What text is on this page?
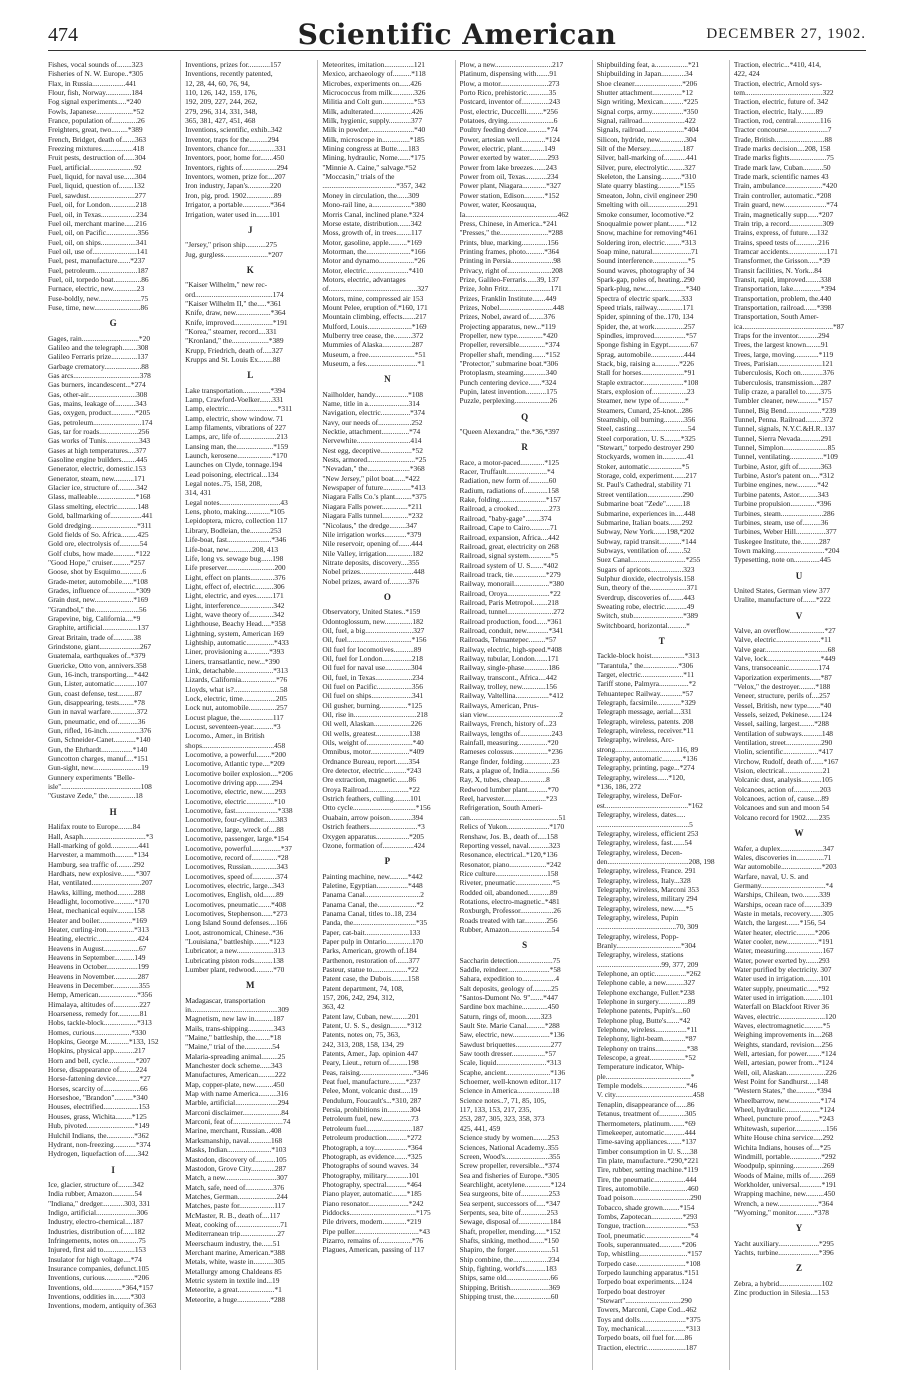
474	Scientific American	DECEMBER 27, 1902.
Fishes, vocal sounds of........323
Fisheries of N. W. Europe..*305
Flax, in Russia..................441
Flour, fish, Norway..............184
Fog signal experiments.....*240
Fowls, Japanese....................*52
France, population of..............26
Freighters, great, two.........*389
French, Bridget, death of.......363
Freezing mixtures.................418
Fruit pests, destruction of......304
Fuel, artificial........................92
Fuel, liquid, for naval use......304
Fuel, liquid, question of........132
Fuel, sawdust.........................277
Fuel, oil, for London..............218
Fuel, oil, in Texas...................234
Fuel oil, merchant marine......216
Fuel, oil, on Pacific.................356
Fuel, oil, on ships...................341
Fuel oil, use of........................141
Fuel, pest, manufacture.......*237
Fuel, petroleum.......................187
Fuel, oil, torpedo boat...............86
Furnace, electric, new.............23
Fuse-boldly, new.......................75
Fuse, time, new.........................86
G
Gages, rain...............................*20
Galileo and the telegraph........308
Galileo Ferraris prize..............137
Garbage crematory....................88
Gas arcs....................................378
Gas burners, incandescent...*274
Gas, other-air..........................308
Gas, mains, leakage of...........343
Gas, oxygen, product.............*205
Gas, petroleum..........................174
Gas, tar for roads.....................256
Gas works of Tunis..................343
Gases at high temperatures....377
Gasoline engine builders........445
Generator, electric, domestic.153
Generator, steam, new...........171
Glacier ice, structure of..........342
Glass, malleable.....................*168
Glass smelting, electric...........148
Gold, ballmarking of.................441
Gold dredging.........................*311
Gold fields of So. Africa.........425
Gold ore, electrolysis of...........54
Golf clubs, how made............*122
"Good Hope," cruiser..........*257
Goose, shot by Esquimo............6
Grade-meter, automobile......*108
Grades, influence of...............*309
Grain dust, new.....................*169
"Grandbol," the........................56
Grapevine, big, California....*9
Graphite, artificial...................137
Great Britain, trade of...........38
Grindstone, giant......................267
Guatemala, earthquakes of..*379
Guericke, Otto von, annivers.358
Gun, 16-inch, transporting....*442
Gun, Lister, automatic............107
Gun, coast defense, test.........87
Gun, disappearing, tests........*78
Gun in naval warfare..............372
Gun, pneumatic, end of...........36
Gun, rifled, 16-inch..................376
Gun, Schneider-Canet............*140
Gun, the Ehrhardt.................*140
Guncotton charges, manuf....*151
Gun-sight, new..........................19
Gunnery experiments "Belle-
isle"...........................................108
"Gustave Zede," the...............18
H
Halifax route to Europe........84
Hall, Asaph..................................*3
Hall-marking of gold...............441
Harvester, a mammoth..........*134
Hamburg, sea traffic of.........292
Hardhats, new explosive........*307
Hat, ventilated...........................207
Hawks, killing, method.........288
Headlight, locomotive...........*170
Heat, mechanical equiv.........158
Heater and boiler..................*169
Heater, curling-iron...............*313
Heating, electric......................424
Heavens in August...................67
Heavens in September...........149
Heavens in October.................199
Heavens in November.............287
Heavens in December..............355
Hemp, American.....................*356
Himalaya, altitudes of..............227
Hoarseness, remedy for............81
Hobs, tackle-block..................*313
Homes, curious....................*330
Hopkins, George M............*133, 152
Hopkins, physical app...........217
Horn and bell, cycle...............*207
Horse, disappearance of.........224
Horse-fattening device.............*27
Horses, scarcity of....................66
Horseshoe, "Brandon"..........*340
Houses, electrified...................153
Houses, grass, Wichita.........*125
Hub, pivoted..........................*149
Hulchil Indians, the...............*362
Hydrant, non-freezing............*374
Hydrogen, liquefaction of.......342
I
Ice, glacier, structure of........342
India rubber, Amazon............54
"Indiana," dredger............303, 331
Indigo, artificial......................306
Industry, electro-chemical....187
Industries, distribution of......182
Infringements, notes on...........75
Injured, first aid to.................153
Insulator for high voltage....*74
Insurance companies, defunct.105
Inventions, curious................*206
Inventions, old................*364,*157
Inventions, oddities in.........*303
Inventions, modern, antiquity of.363
Inventions, prizes for............157
Inventions, recently patented,
12, 28, 44, 60, 76, 94,
110, 126, 142, 159, 176,
192, 209, 227, 244, 262,
279, 296, 314, 331, 348,
365, 381, 427, 451, 468
Inventions, scientific, exhib..342
Inventor, traps for the..........294
Inventors, chance for...............331
Inventors, poor, home for.......450
Inventors, rights of...................294
Inventors, women, prize for....207
Iron industry, Japan's............220
Iron, pig, prod. 1902...............89
Irrigator, a portable...............*364
Irrigation, water used in.......101
J
"Jersey," prison ship...........275
Jug, gurgless........................*207
K
"Kaiser Wilhelm," new rec-
ord..........................................174
"Kaiser Wilhelm II," the.....*361
Knife, draw, new...................*364
Knife, improved.....................*191
"Korea," steamer, record....331
"Kronland," the....................*389
Krupp, Friedrich, death of.....327
Krupps and St. Louis Ex........88
L
Lake transportation...............*394
Lamp, Crawford-Voelker.......331
Lamp, electric...........................*311
Lamp, electric, show window. 71
Lamp filaments, vibrations of 227
Lamps, arc, life of....................213
Lansing man, the....................*159
Launch, kerosene...................*170
Launches on Clyde, tonnage.194
Lead poisoning, electrical...134
Legal notes..75, 158, 208,
314, 431
Legal notes.................................43
Lens, photo, making.............*105
Lepidoptera, micro, collection 117
Library, Bodleian, the...........253
Life-boat, fast........................*346
Life-boat, new.............208, 413
Life, long vs. sewage bug......198
Life preserver..........................200
Light, effect on plants.............376
Light, effect of, electric..........306
Light, electric, and eyes.........171
Light, interference..................342
Light, wave theory of.............342
Lighthouse, Beachy Head.....*358
Lightning, system, American 169
Lightship, automatic...............*433
Liner, provisioning a............*393
Liners, transatlantic, new...*390
Link, detachable.....................*313
Lizards, California...................*76
Lloyds, what is?.........................58
Lock, electric, time..................205
Lock nut, automobile...............257
Locust plague, the..................117
Locust, seventeen-year...........*3
Locomo., Amer., in British
shops.......................................458
Locomotive, a powerful........*200
Locomotive, Atlantic type....*209
Locomotive boiler explosion....*206
Locomotive driving app........294
Locomotive, electric, new.......293
Locomotive, electric...............*10
Locomotive, fast.......................*338
Locomotive, four-cylinder.......383
Locomotive, large, wreck of....88
Locomotive, passenger, large.*154
Locomotive, powerful................*37
Locomotive, record of..............*28
Locomotives, Russian..............343
Locomotives, speed of.............374
Locomotives, electric, large...343
Locomotives, English, old.......89
Locomotives, pneumatic.......*408
Locomotives, Stephenson......*273
Long Island Sound defenses....166
Loot, astronomical, Chinese..*36
"Louisiana," battleship.........*123
Lubricator, a new....................313
Lubricating piston rods..........138
Lumber plant, redwood..........*70
M
Madagascar, transportation
in...............................................309
Magnetism, new law in..........187
Mails, trans-shipping..............343
"Maine," battleship, the........*18
"Maine," trial of the...............54
Malaria-spreading animal.........25
Manchester dock scheme......343
Manufactures, American.........222
Map, copper-plate, new..........450
Map with name America..........316
Marble, artificial.......................294
Marconi disclaimer.....................84
Marconi, feat of...........................74
Marine, merchant, Russian...408
Marksmanship, naval............168
Masks, Indian........................*103
Mastodon, discovery of...........105
Mastodon, Grove City.............287
Match, a new............................307
Match, safe, need of...............376
Matches, German.....................244
Matches, paste for...................117
McMaster, R. B., death of....117
Meat, cooking of........................71
Mediterranean trip....................27
Meerschaum industry, the......51
Merchant marine, American.*388
Metals, white, waste in...........305
Metallurgy among Chaldeans 85
Metric system in textile ind...19
Meteorite, a great....................*1
Meteorite, a huge..................*288
Meteorites, imitation................121
Mexico, archaeology of..........*118
Microbes, experiments on......426
Micrococcus from milk............326
Militia and Colt gun.................*53
Milk, adulterated.....................426
Milk, hygienic, supply............377
Milk in powder.........................*40
Milk, microscope in...............*185
Mining congress at Butte......183
Mining, hydraulic, Nome.......*175
"Minnie A. Caine," salvage.*52
"Moccasin," trials of the
........................................*357, 342
Money in circulation, the......309
Mono-rail line, a.....................*380
Morris Canal, inclined plane.*324
Morse estate, distribution.......342
Moss, growth of, in trees........117
Motor, gasoline, apple..........*169
Motorman, the........................*166
Motor and dynamo...................*26
Motor, electric.......................*410
Motors, electric, advantages
of................................................327
Motors, mine, compressed air 153
Mount Pelee, eruption of.*160, 171
Mountain climbing, effects.......217
Mulford, Louis........................*169
Mulberry tree cease, the..........372
Mummies of Alaska................287
Museum, a free.........................*51
Museum, a fes............................*1
N
Nailholder, handy..................*108
Name, title in a......................314
Navigation, electric................*374
Navy, our needs of..................252
Necktie, attachment...............*74
Nervewhite.............................414
Nest egg, deceptive.................*52
Nests, armored..........................*25
"Nevadan," the.......................*368
"New Jersey," pilot boat......*422
Newspaper of future...............*413
Niagara Falls Co.'s plant.........*375
Niagara Falls power..............*211
Niagara Falls tunnel..............*232
"Nicolaus," the dredge.........347
Nile irrigation works............*379
Nile reservoir, opening of.......444
Nile Valley, irrigation..............182
Nitrate deposits, discovery....355
Nobel prizes.............................448
Nobel prizes, award of..........376
O
Observatory, United States..*159
Odontoglossum, new...............182
Oil, fuel, a big..........................327
Oil, fuel...................................*156
Oil fuel for locomotives...........89
Oil, fuel for London................218
Oil fuel for naval use..............304
Oil, fuel, in Texas....................234
Oil fuel on Pacific...................356
Oil fuel on ships......................341
Oil gusher, burning...............*125
Oil, rise in..................................218
Oil well, Alaskan....................226
Oil wells, greatest..................138
Oils, weight of.........................*40
Omnibus, motor.....................*409
Ordnance Bureau, report.......354
Ore detector, electric............*243
Ore extraction, magnetic.......86
Oroya Railroad......................*22
Ostrich feathers, culling.........101
Otto cycle..................................*156
Ouabain, arrow poison............394
Ostrich feathers..........................*3
Oxygen apparatus..................*205
Ozone, formation of.................424
P
Painting machine, new..........*442
Paletine, Egyptian.................*448
Panama Canal..............................2
Panama Canal, the.....................*2
Panama Canal, titles to..18, 234
Panda, the..................................*35
Paper, cat-bait........................133
Paper pulp in Ontario..............170
Parks, American, growth of.184
Parthenon, restoration of.......377
Pasteur, statue to...................*22
Patent case, the Dubois.........158
Patent department, 74, 108,
157, 206, 242, 294, 312,
363, 42
Patent law, Cuban, new.........201
Patent, U. S. S., design.........*312
Patents, notes on, 75, 363,
242, 313, 208, 158, 134, 29
Patents, Amer., Jap. opinion 447
Peary, Lieut., return of..........198
Peas, raising.............................*346
Peat fuel, manufacture.........*237
Pelee, Mont, volcanic dust.....19
Pendulum, Foucault's...*310, 287
Persia, prohibitions in............304
Petroleum fuel, new................73
Petroleum fuel.........................187
Petroleum production...........*272
Photograph, a toy..................*364
Photograph, as evidence.......*325
Photographs of sound waves. 34
Photography, military............101
Photography, spectral...........*464
Piano player, automatic........*185
Piano resonator......................*242
Piddocks....................................*175
Pile drivers, modern.............*219
Pipe puller...................................*43
Pizarro, remains of..................*76
Plagues, American, passing of 117
Plow, a new...............................217
Platinum, dispensing with.......91
Plow, a motor..........................273
Porto Rico, prehistoric............35
Postcard, inventor of...............243
Post, electric, Duccelli.........*256
Potatoes, drying.........................6
Poultry feeding device...........*74
Power, artesian well..............*124
Power, electric, plant............149
Power exerted by water..........293
Power from lake breezes.......243
Power from oil, Texas............234
Power plant, Niagara.............*327
Power station, Edison...........*152
Power, water, Keosauqua,
Ia..................................................462
Press, Chinese, in America..*241
"Presses," the..........................*288
Prints, blue, marking..............156
Printing frames, photo..........*364
Printing in Persia.......................98
Privacy, right of........................208
Prize, Galileo-Ferraris......39, 137
Prize, John Fritz.......................171
Prizes, Franklin Institute.......449
Prizes, Nobel.............................448
Prizes, Nobel, award of........376
Projecting apparatus, new...*119
Propeller, new type..............*420
Propeller, reversible..............*374
Propeller shaft, mending.......*152
"Protector," submarine boat.*306
Protoplasm, steaming............340
Punch centering device.......*324
Pupin, latest invention...........175
Puzzle, perplexing...................26
Q
"Queen Alexandra," the.*36,*397
R
Race, a motor-paced.............*125
Racer, Truffault......................*4
Radiation, new form of...........60
Radium, radiations of.............158
Rake, folding.........................*157
Railroad, a crooked.................273
Railroad, "baby-gage"........374
Railroad, Cape to Cairo...........71
Railroad, expansion, Africa....442
Railroad, great, electricity on 268
Railroad, signal system............*5
Railroad system of U. S.......*402
Railroad track, tie..................*279
Railway, monorail...................*380
Railroad, Oroya.......................*22
Railroad, Paris Metropol........218
Railroad, tunnel.........................272
Railroad production, food......*361
Railroad, conduit, new............*341
Railroads, Tehuantepec.........*57
Railway, electric, high-speed.*408
Railway, tubular, London.......171
Railway, single-phase.............186
Railway, transcont., Africa....442
Railway, trolley, new.............156
Railway, Valtellina..................*412
Railways, American, Prus-
sian view.......................................2
Railways, French, history of...23
Railways, lengths of.................243
Rainfall, measuring................*20
Rameses colossus...................*236
Range finder, folding................23
Rats, a plague of, India.............56
Ray, X, tubes, cheap..............8
Redwood lumber plant...........*70
Reel, harvester.......................*23
Refrigeration, South Ameri-
can................................................51
Relics of Yukon.......................*170
Renshaw, Jos. B., death of.....158
Reporting vessel, naval...........323
Resonance, electrical..*120,*136
Resonator, piano....................*242
Rice culture............................158
Riveter, pneumatic....................*5
Rodded oil, abandoned............89
Rotations, electro-magnetic..*481
Roxburgh, Professor..................26
Roads treated with tar............256
Rubber, Amazon.......................54
S
Saccharin detection...................75
Saddle, reindeer.......................*58
Sahara, expedition to..................4
Salt deposits, geology of..........25
"Santos-Dumont No. 9".......*447
Sardine box machine..............450
Saturn, rings of, moon........323
Sault Ste. Marie Canal..........*288
Saw, electric, new....................*136
Sawdust briquettes...................277
Saw tooth dresser..................*57
Scale, liquid...........................*313
Scaphe, ancient........................*136
Schoemer, well-known editor..117
Science in America...................18
Science notes..7, 71, 85, 105,
117, 133, 153, 217, 235,
253, 287, 305, 323, 358, 373
425, 441, 459
Science study by women........253
Sciences, National Academy..355
Screen, Wood's........................355
Screw propeller, reversible...*374
Sea and fisheries of Europe..*305
Searchlight, acetylene..............*124
Sea surgeons, bite of...............253
Sea serpent, successors of.....*347
Serpents, sea, bite of..............253
Sewage, disposal of.................184
Shaft, propeller, mending......*152
Shafts, sinking, method........*150
Shapiro, the forger....................51
Ship combine, the...................234
Ship, fighting, world's...........183
Ships, same old........................66
Shipping, British.....................369
Shipping trust, the....................60
Shipbuilding feat, a..................*21
Shipbuilding in Japan.............34
Shoe cleaner..........................*206
Shutter attachment................*12
Sign writing, Mexican...........*225
Signal corps, army.................*350
Signal, railroad.......................422
Signals, railroad.....................*404
Silicon, hydride, new..............304
Silt of the Mersey..................187
Silver, ball-marking of............441
Silver, pure, electrolytic.........327
Skeleton, the Lansing...........*310
Slate quarry blasting............*155
Smeaton, John, civil engineer 290
Smelting with oil.....................291
Smoke consumer, locomotive.*2
Snoqualmie power plant.........*12
Snow, machine for removing*461
Soldering iron, electric.........*313
Soap mine, natural.....................71
Sound interference...................*5
Sound waves, photography of 34
Spark-gap, poles of, heating..290
Spark-plug, new......................*340
Spectra of electric spark.......333
Speed trials, railway..............171
Spider, spinning of the..170, 134
Spider, the, at work................257
Spindles, improved.................*57
Sponge fishing in Egypt............67
Sprag, automobile..................444
Stack, big, raising a.............*226
Stall for horses.......................*91
Staple extractor......................*108
Stars, explosion of...................23
Steamer, new type of..............*
Steamers, Cunard, 25-knot...286
Steamship, oil burning...........356
Steel, casting............................54
Steel corporation, U. S.........*325
"Stewart," torpedo destroyer 290
Stockyards, women in.............41
Stoker, automatic..................*5
Storage, cold, experiment.......217
St. Paul's Cathedral, stability 71
Street ventilation...................290
Submarine boat "Zede".........18
Submarine, experiences in.....448
Submarine, Italian boats.......292
Subway, New York.......198,*202
Subway, rapid transit............*144
Subways, ventilation of.........52
Suez Canal..............................*255
Sugars of apricots..................323
Sulphur dioxide, electrolysis.158
Sun, theory of the....................371
Sverdrup, discoveries of........443
Sweating robe, electric............49
Switch, stub...........................*389
Switchboard, horizontal..........*
T
Tackle-block hoist..................*313
"Tarantula," the...................*306
Target, electric.......................*11
Tariff stone, Palmyra................*2
Tehuantepec Railway............*57
Telegraph, facsimile.............*329
Telegraph message, aerial....331
Telegraph, wireless, patents. 208
Telegraph, wireless, receiver.*11
Telegraphy, wireless, Arc-
strong.................................116, 89
Telegraphy, automatic...........*136
Telegraphy, printing, page...*274
Telegraphy, wireless......*120,
*136, 186, 272
Telegraphy, wireless, DeFor-
est.............................................*162
Telegraphy, wireless, dates.....
..................................................5
Telegraphy, wireless, efficient 253
Telegraphy, wireless, fast.......54
Telegraphy, wireless, Decen-
den............................................208, 198
Telegraphy, wireless, France. 291
Telegraphy, wireless, Italy...328
Telegraphy, wireless, Marconi 353
Telegraphy, wireless, military 294
Telegraphy, wireless, new.......*5
Telegraphy, wireless, Pupin
...........................................70, 309
Telegraphy, wireless, Popp-
Branly...................................*304
Telegraphy, wireless, stations
...................................99, 377, 209
Telephone, an optic.................*262
Telephone cable, a new..........327
Telephone exchange, Fuller.*238
Telephone in surgery................89
Telephone patents, Pupin's....60
Telephone plug, Butte's.......*42
Telephone, wireless.................*11
Telephony, light-beam............*87
Telephony on trains.................*38
Telescope, a great...................*52
Temperature indicator, Whip-
ple..............................................*
Temple models........................*46
V. city..........................................458
Tenaplin, disappearance of......86
Tetanus, treatment of..............305
Thermometers, platinum........*69
Timekeeper, automatic...........444
Time-saving appliances........*137
Timber consumption in U. S.....38
Tin plate, manufacture..*290,*221
Tire, rubber, setting machine.*119
Tire, the pneumatic.................444
Tires, automobile.....................460
Toad poison...............................290
Tobacco, shade grown.........*154
Tombs, Zapotecan.................*293
Tongue, traction.......................*53
Tool, pneumatic.........................*4
Tools, superannuated............*206
Top, whistling..........................*157
Torpedo case...........................*108
Torpedo launching apparatus.*151
Torpedo boat experiments....124
Torpedo boat destroyer
"Stewart"..............................290
Towers, Marconi, Cape Cod...462
Toys and dolls.........................*375
Toy, mechanical......................*313
Torpedo boats, oil fuel for......86
Traction, electric.....................187
Traction, electric...*410, 414,
422, 424
Traction, electric, Arnold sys-
tem..........................................322
Traction, electric, future of. 342
Traction, electric, Italy........89
Traction, rod, central.............116
Tractor concourse......................7
Trade, British...........................88
Trade marks decision....208, 158
Trade marks fights....................75
Trade mark law, Cuban...........50
Trade mark, scientific names 43
Train, ambulance....................*420
Train controller, automatic..*208
Train guard, new.......................*74
Train, magnetically supp......*207
Train trip, a record..................309
Trains, express, of future.....132
Trains, speed tests of............216
Tramcar accidents.....................171
Transformer, the Grisson......*39
Transit facilities, N. York...84
Transit, rapid, improved........338
Transportation, lake...............*394
Transportation, problem, the.440
Transportation, railroad.......*398
Transportation, South Amer-
ica.................................................*87
Traps for the inventor...........294
Trees, the largest known........91
Trees, large, moving.............*119
Trees, Parisian........................121
Tuberculosis, Koch on............376
Tuberculosis, transmission....287
Tulip craze, a parallel to........375
Tumbler cleaner, new...........*157
Tunnel, Big Bend...................*239
Tunnel, Penna. Railroad.........372
Tunnel, signals, N.Y.C.&H.R..137
Tunnel, Sierra Nevada...........291
Tunnel, Simplon........................85
Tunnel, ventilating..................*109
Turbine, Astor, gift of............363
Turbine, Astor's patent on.....*312
Turbine engines, new...........*42
Turbine patents, Astor..........343
Turbine propulsion..............*396
Turbines, steam.......................286
Turbines, steam, use of..........36
Turbines, Weber Hill................377
Tuskegee Institute, the..........287
Town making...........................*204
Typesetting, note on..............445
U
United States, German view 377
Uralite, manufacture of.......*222
V
Valve, an overflow...................*27
Valve, electric........................*11
Valve gear..................................68
Valve, lock.............................*449
Vans, transoceanic................174
Vaporization experiments......*87
"Velox," the destroyer.........*188
Veneer, structure, perils of....257
Vessel, British, new type.......*40
Vessels, seized, Pekinese.......124
Vessel, sailing, largest........*288
Ventilation of subways...........148
Ventilation, street...................290
Violin, scientific...................*417
Virchow, Rudolf, death of.......*167
Vision, electrical.....................21
Volcanic dust, analysis...........105
Volcanoes, action of..............203
Volcanoes, action of, cause....89
Volcanoes and sun and moon 54
Volcano record for 1902.......235
W
Wafer, a duplex.......................347
Wales, discoveries in...............71
War automobile......................*203
Warfare, naval, U. S. and
Germany...................................*4
Warships, Chilean, two.........339
Warships, ocean race of.........339
Waste in metals, recovery.......305
Watch, the largest.......*156, 54
Water heater, electric..........*206
Water cooler, new.................*191
Water, measuring....................167
Water, power exerted by.......293
Water purified by electricity. 307
Water used in irrigation.........101
Water supply, pneumatic......*92
Water used in irrigation..........101
Waterfall on Blackfoot River 36
Waves, electric.........................120
Waves, electromagnetic..........*5
Weighing improvements in....268
Weights, standard, revision....256
Well, artesian, for power........*124
Well, artesian, power from...*124
Well, oil, Alaskan.....................226
West Point for Sandhurst.....148
"Western States," the...........*394
Wheelbarrow, new.................*174
Wheel, hydraulic...................*124
Wheel, puncture proof..........*243
Whitewash, superior.................156
White House china service.....292
Wichita Indians, houses of....*25
Windmill, portable.................*292
Woodpulp, spinning................269
Woods of Maine, mills of........269
Workholder, universal............*191
Wrapping machine, new..........450
Wrench, a new......................*364
"Wyoming," monitor..........*378
Y
Yacht auxiliary......................*295
Yachts, turbine......................*396
Z
Zebra, a hybrid.......................102
Zinc production in Silesia....153
